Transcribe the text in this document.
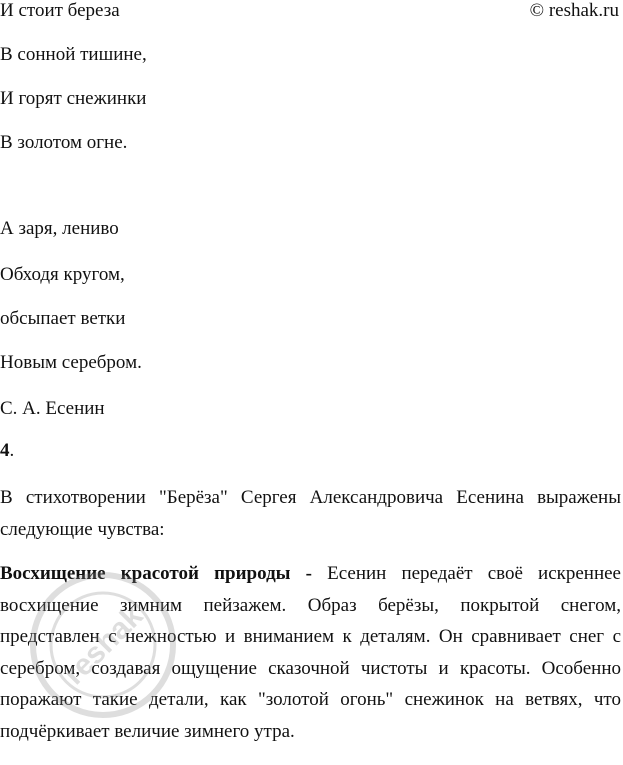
© reshak.ru
И стоит береза
В сонной тишине,
И горят снежинки
В золотом огне.
А заря, лениво
Обходя кругом,
обсыпает ветки
Новым серебром.
С. А. Есенин
4.
В стихотворении "Берёза" Сергея Александровича Есенина выражены следующие чувства:
Восхищение красотой природы - Есенин передаёт своё искреннее восхищение зимним пейзажем. Образ берёзы, покрытой снегом, представлен с нежностью и вниманием к деталям. Он сравнивает снег с серебром, создавая ощущение сказочной чистоты и красоты. Особенно поражают такие детали, как "золотой огонь" снежинок на ветвях, что подчёркивает величие зимнего утра.
reshak
